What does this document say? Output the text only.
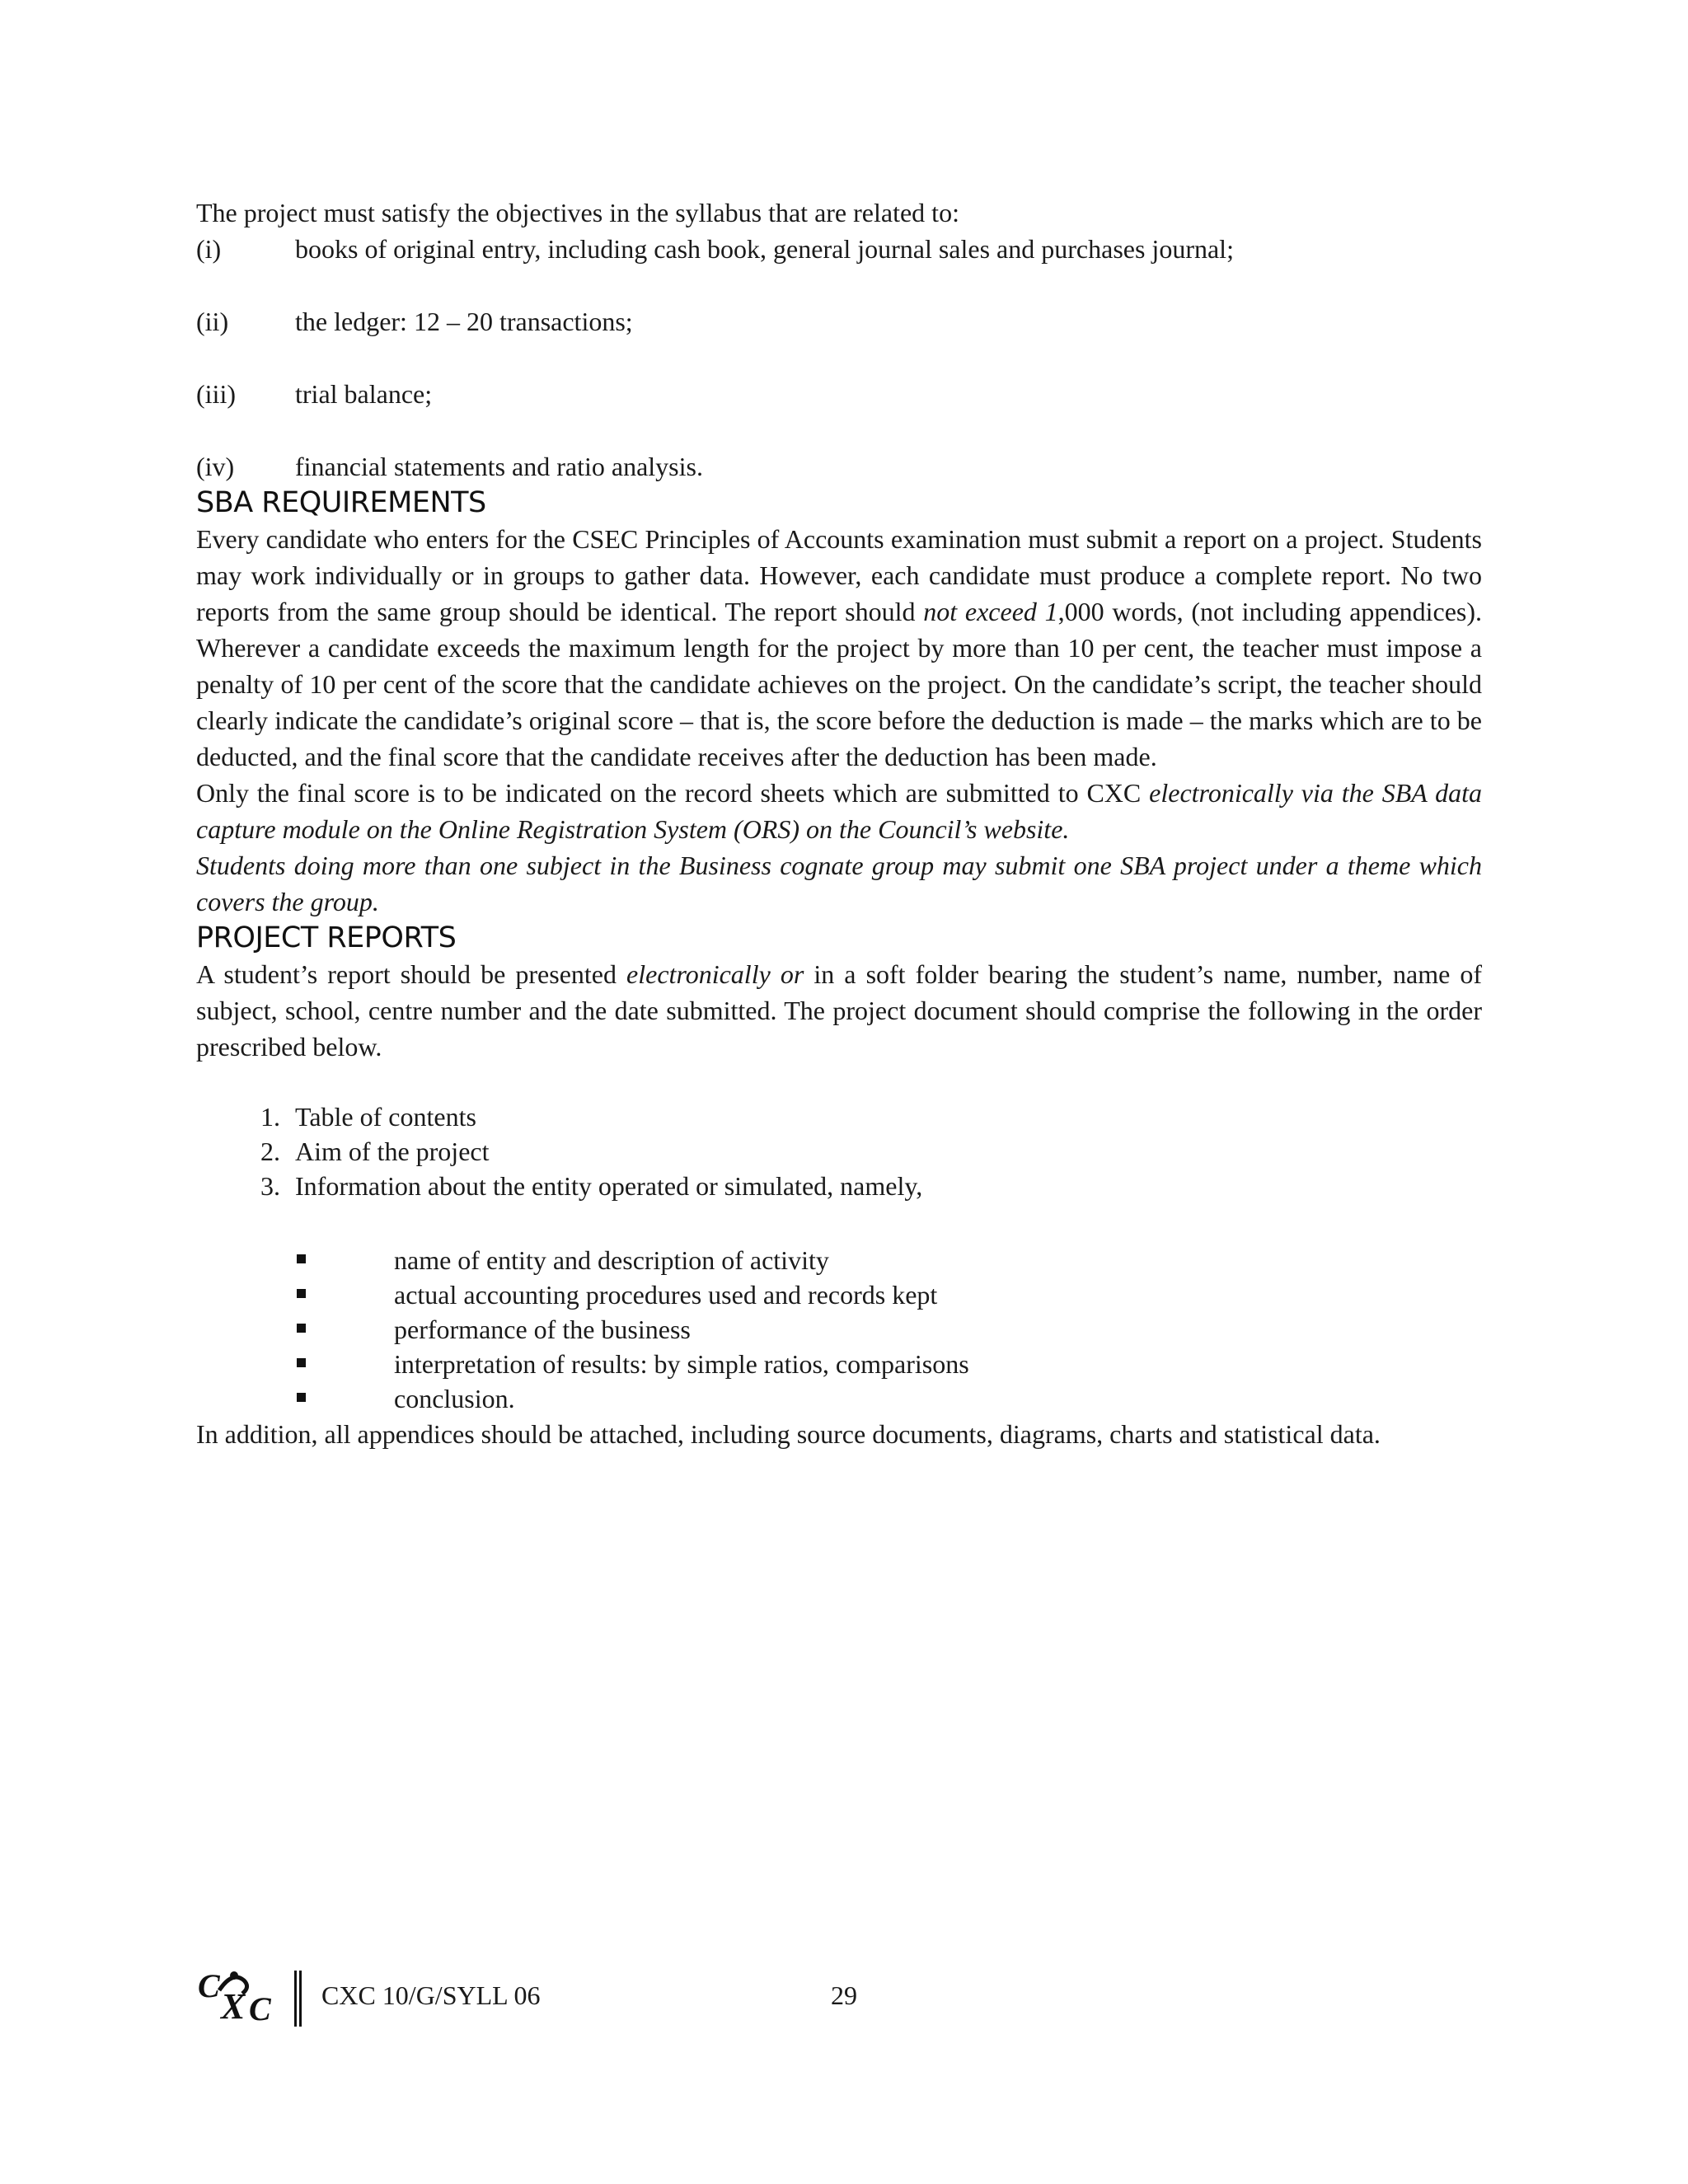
The project must satisfy the objectives in the syllabus that are related to:

(i)	books of original entry, including cash book, general journal sales and purchases journal;
(ii)	the ledger: 12 – 20 transactions;
(iii)	trial balance;
(iv)	financial statements and ratio analysis.
SBA REQUIREMENTS

Every candidate who enters for the CSEC Principles of Accounts examination must submit a report on a project. Students may work individually or in groups to gather data. However, each candidate must produce a complete report. No two reports from the same group should be identical. The report should not exceed 1,000 words, (not including appendices). Wherever a candidate exceeds the maximum length for the project by more than 10 per cent, the teacher must impose a penalty of 10 per cent of the score that the candidate achieves on the project. On the candidate’s script, the teacher should clearly indicate the candidate’s original score – that is, the score before the deduction is made – the marks which are to be deducted, and the final score that the candidate receives after the deduction has been made.

Only the final score is to be indicated on the record sheets which are submitted to CXC electronically via the SBA data capture module on the Online Registration System (ORS) on the Council’s website.

Students doing more than one subject in the Business cognate group may submit one SBA project under a theme which covers the group.

PROJECT REPORTS

A student’s report should be presented electronically or in a soft folder bearing the student’s name, number, name of subject, school, centre number and the date submitted. The project document should comprise the following in the order prescribed below.

1. Table of contents
2. Aim of the project
3. Information about the entity operated or simulated, namely,
name of entity and description of activity
actual accounting procedures used and records kept
performance of the business
interpretation of results: by simple ratios, comparisons
conclusion.

In addition, all appendices should be attached, including source documents, diagrams, charts and statistical data.

C
X C CXC 10/G/SYLL 06	29
